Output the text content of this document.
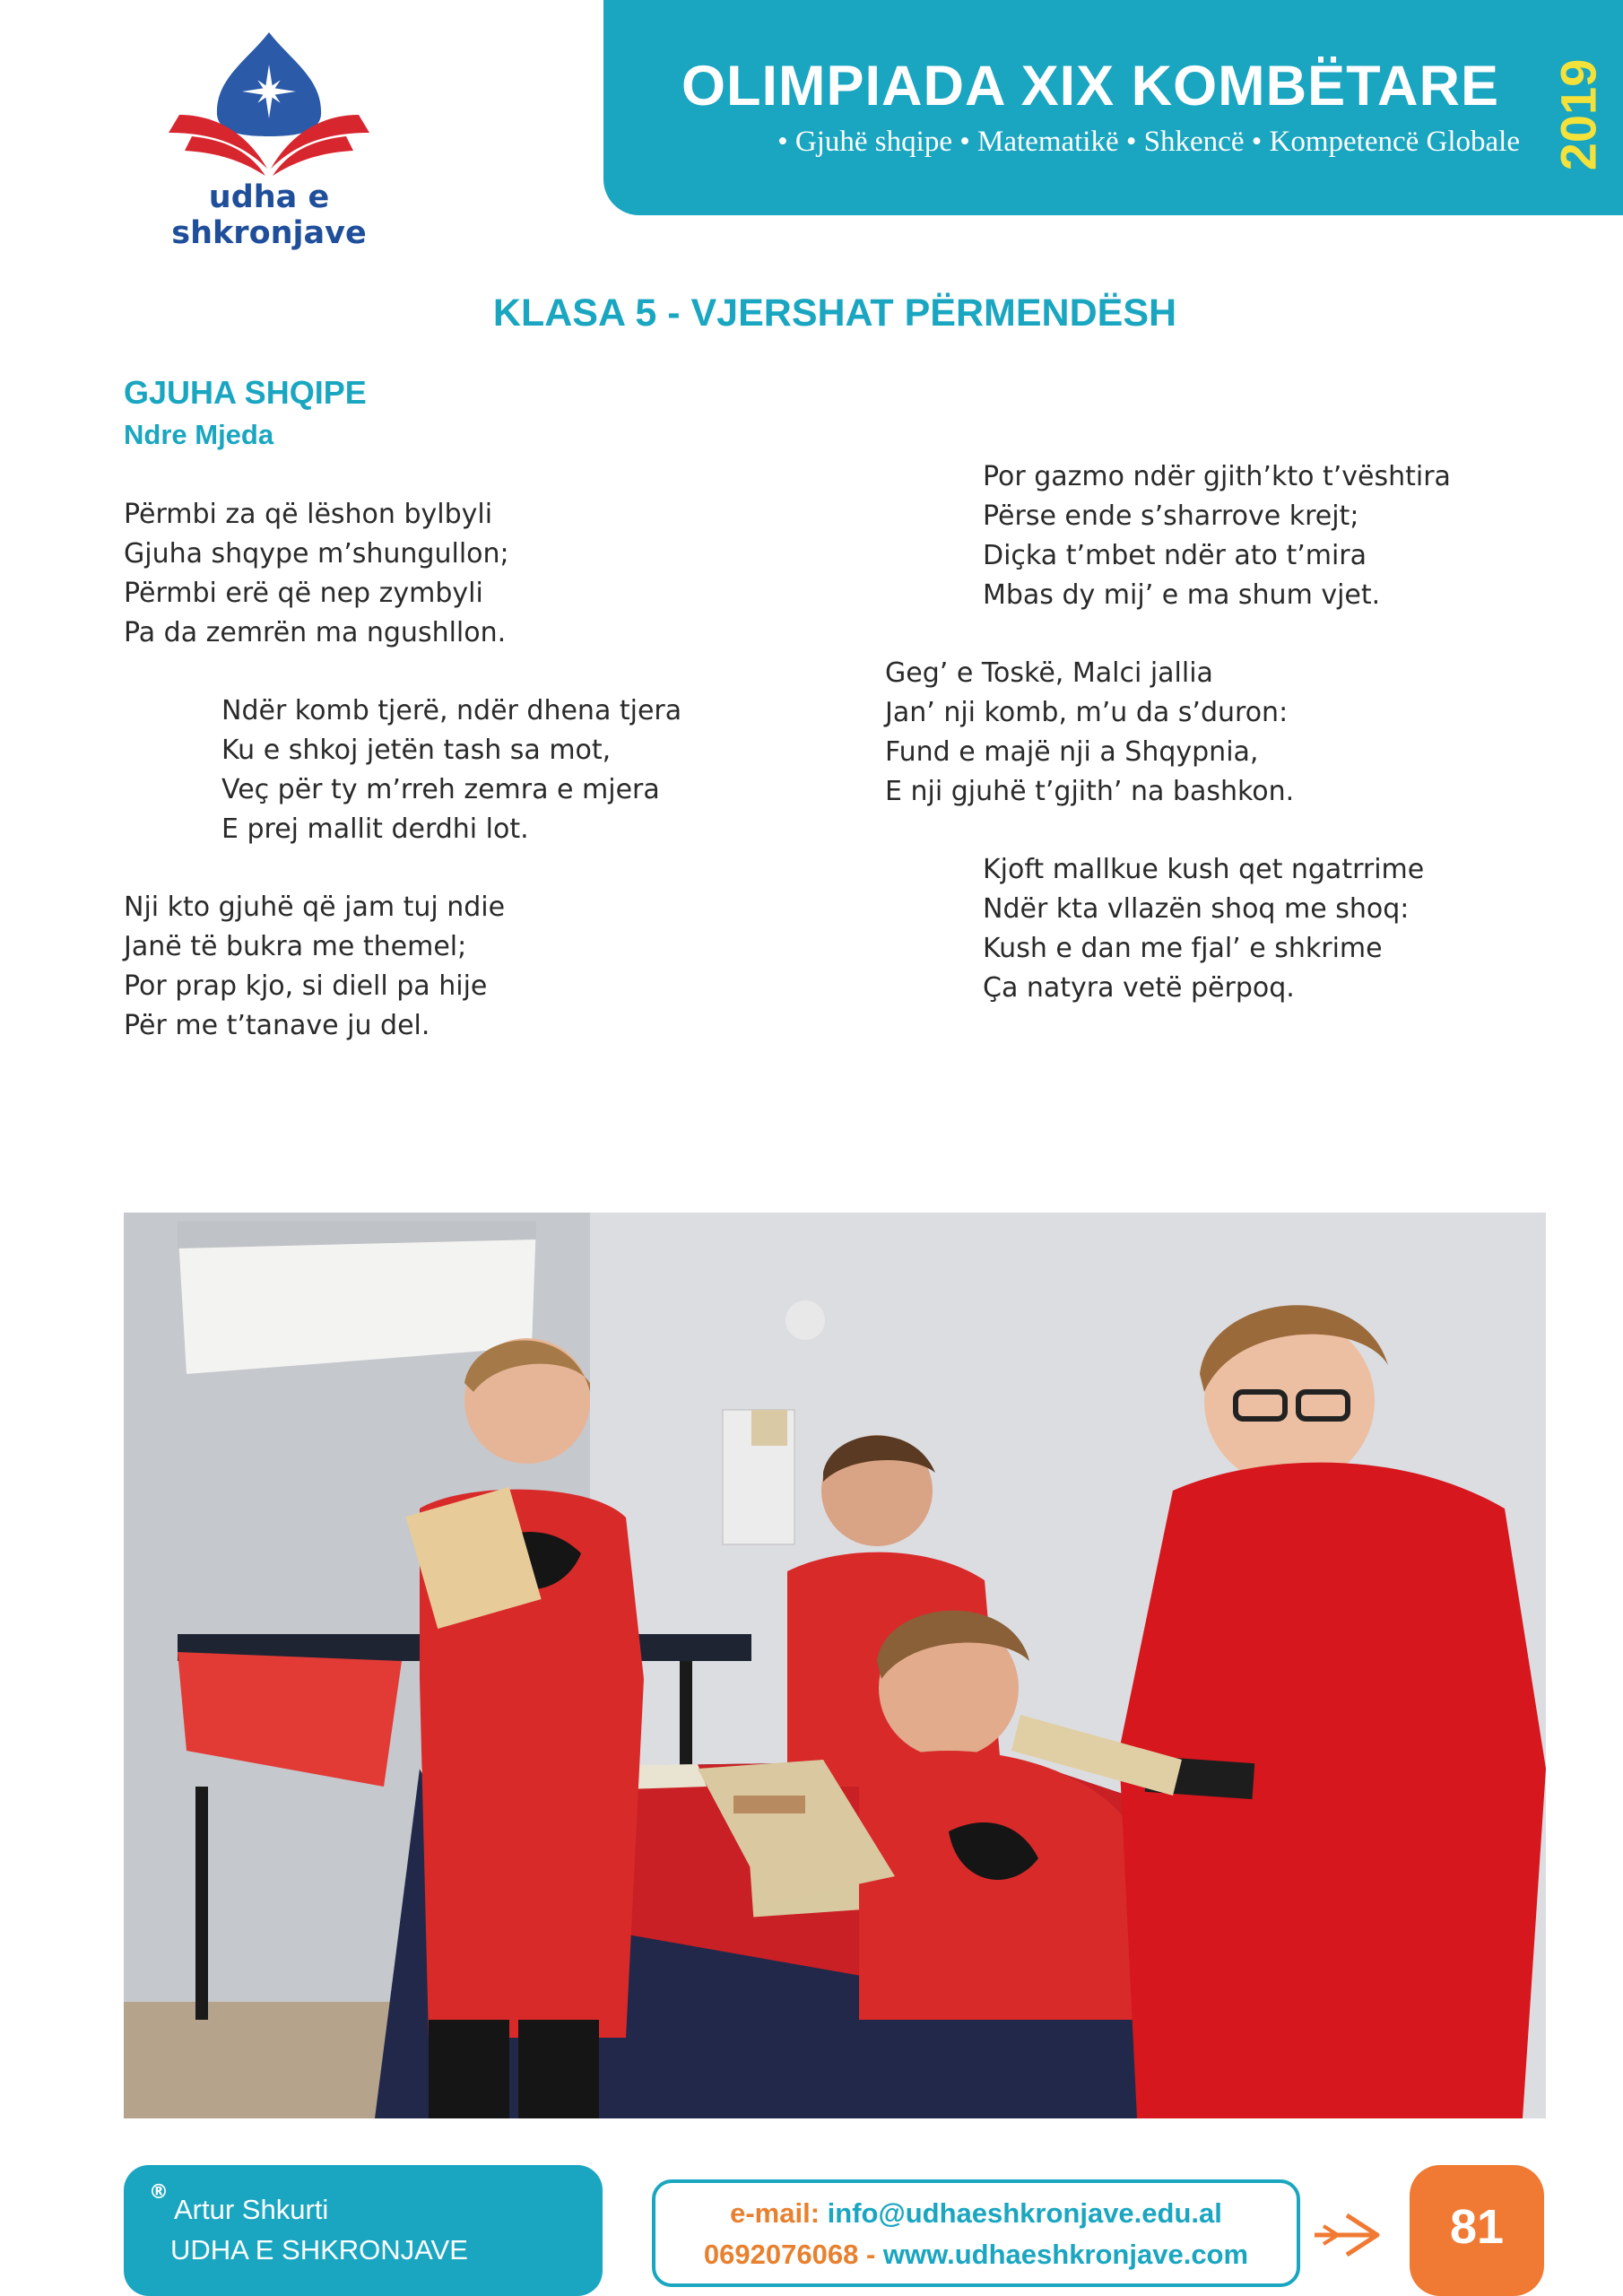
udha e shkronjave
OLIMPIADA XIX KOMBËTARE
• Gjuhë shqipe • Matematikë • Shkencë • Kompetencë Globale 2019
KLASA 5 - VJERSHAT PËRMENDËSH
GJUHA SHQIPE
Ndre Mjeda
Përmbi za që lëshon bylbyli
Gjuha shqype m’shungullon;
Përmbi erë që nep zymbyli
Pa da zemrën ma ngushllon.
Ndër komb tjerë, ndër dhena tjera
Ku e shkoj jetën tash sa mot,
Veç për ty m’rreh zemra e mjera
E prej mallit derdhi lot.
Nji kto gjuhë që jam tuj ndie
Janë të bukra me themel;
Por prap kjo, si diell pa hije
Për me t’tanave ju del.
Por gazmo ndër gjith’kto t’vështira
Përse ende s’sharrove krejt;
Diçka t’mbet ndër ato t’mira
Mbas dy mij’ e ma shum vjet.
Geg’ e Toskë, Malci jallia
Jan’ nji komb, m’u da s’duron:
Fund e majë nji a Shqypnia,
E nji gjuhë t’gjith’ na bashkon.
Kjoft mallkue kush qet ngatrrime
Ndër kta vllazën shoq me shoq:
Kush e dan me fjal’ e shkrime
Ça natyra vetë përpoq.
®
Artur Shkurti
UDHA E SHKRONJAVE
e-mail: info@udhaeshkronjave.edu.al
0692076068 - www.udhaeshkronjave.com
81
